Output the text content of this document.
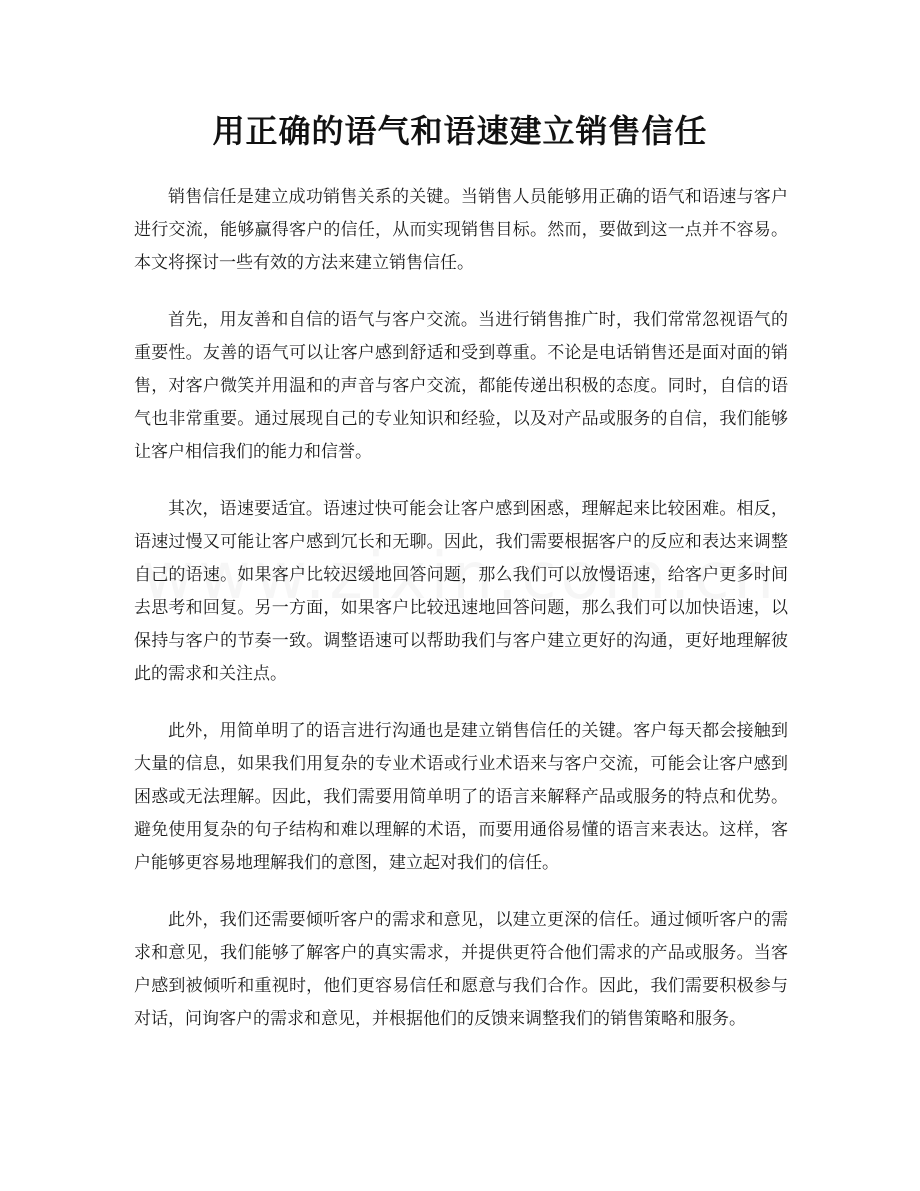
用正确的语气和语速建立销售信任

销售信任是建立成功销售关系的关键。当销售人员能够用正确的语气和语速与客户进行交流，能够赢得客户的信任，从而实现销售目标。然而，要做到这一点并不容易。本文将探讨一些有效的方法来建立销售信任。

首先，用友善和自信的语气与客户交流。当进行销售推广时，我们常常忽视语气的重要性。友善的语气可以让客户感到舒适和受到尊重。不论是电话销售还是面对面的销售，对客户微笑并用温和的声音与客户交流，都能传递出积极的态度。同时，自信的语气也非常重要。通过展现自己的专业知识和经验，以及对产品或服务的自信，我们能够让客户相信我们的能力和信誉。

其次，语速要适宜。语速过快可能会让客户感到困惑，理解起来比较困难。相反，语速过慢又可能让客户感到冗长和无聊。因此，我们需要根据客户的反应和表达来调整自己的语速。如果客户比较迟缓地回答问题，那么我们可以放慢语速，给客户更多时间去思考和回复。另一方面，如果客户比较迅速地回答问题，那么我们可以加快语速，以保持与客户的节奏一致。调整语速可以帮助我们与客户建立更好的沟通，更好地理解彼此的需求和关注点。

此外，用简单明了的语言进行沟通也是建立销售信任的关键。客户每天都会接触到大量的信息，如果我们用复杂的专业术语或行业术语来与客户交流，可能会让客户感到困惑或无法理解。因此，我们需要用简单明了的语言来解释产品或服务的特点和优势。避免使用复杂的句子结构和难以理解的术语，而要用通俗易懂的语言来表达。这样，客户能够更容易地理解我们的意图，建立起对我们的信任。

此外，我们还需要倾听客户的需求和意见，以建立更深的信任。通过倾听客户的需求和意见，我们能够了解客户的真实需求，并提供更符合他们需求的产品或服务。当客户感到被倾听和重视时，他们更容易信任和愿意与我们合作。因此，我们需要积极参与对话，问询客户的需求和意见，并根据他们的反馈来调整我们的销售策略和服务。
